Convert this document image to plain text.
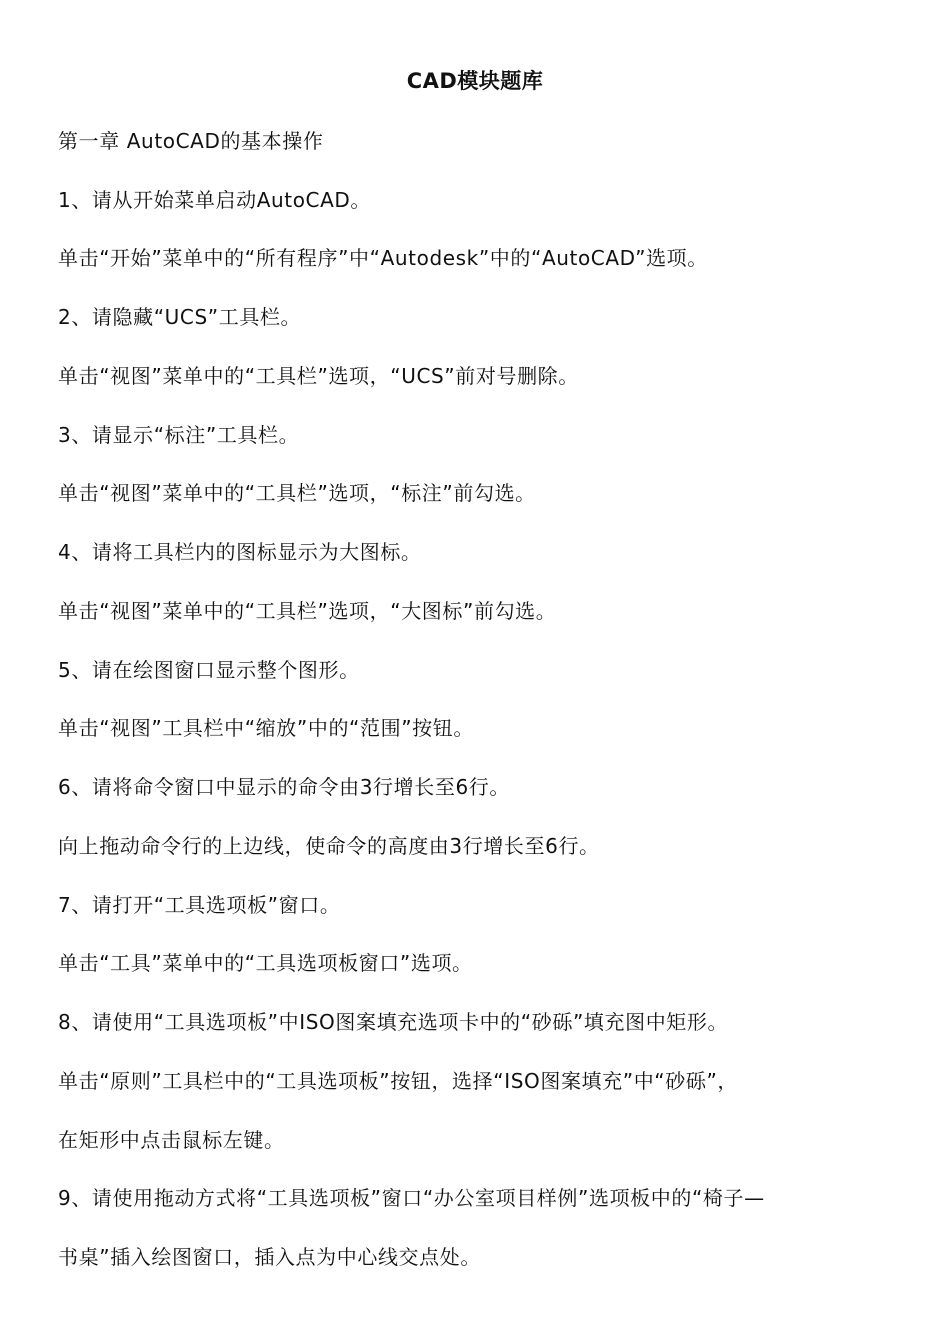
CAD模块题库
第一章 AutoCAD的基本操作
1、请从开始菜单启动AutoCAD。
单击“开始”菜单中的“所有程序”中“Autodesk”中的“AutoCAD”选项。
2、请隐藏“UCS”工具栏。
单击“视图”菜单中的“工具栏”选项，“UCS”前对号删除。
3、请显示“标注”工具栏。
单击“视图”菜单中的“工具栏”选项，“标注”前勾选。
4、请将工具栏内的图标显示为大图标。
单击“视图”菜单中的“工具栏”选项，“大图标”前勾选。
5、请在绘图窗口显示整个图形。
单击“视图”工具栏中“缩放”中的“范围”按钮。
6、请将命令窗口中显示的命令由3行增长至6行。
向上拖动命令行的上边线，使命令的高度由3行增长至6行。
7、请打开“工具选项板”窗口。
单击“工具”菜单中的“工具选项板窗口”选项。
8、请使用“工具选项板”中ISO图案填充选项卡中的“砂砾”填充图中矩形。
单击“原则”工具栏中的“工具选项板”按钮，选择“ISO图案填充”中“砂砾”，
在矩形中点击鼠标左键。
9、请使用拖动方式将“工具选项板”窗口“办公室项目样例”选项板中的“椅子—
书桌”插入绘图窗口，插入点为中心线交点处。
